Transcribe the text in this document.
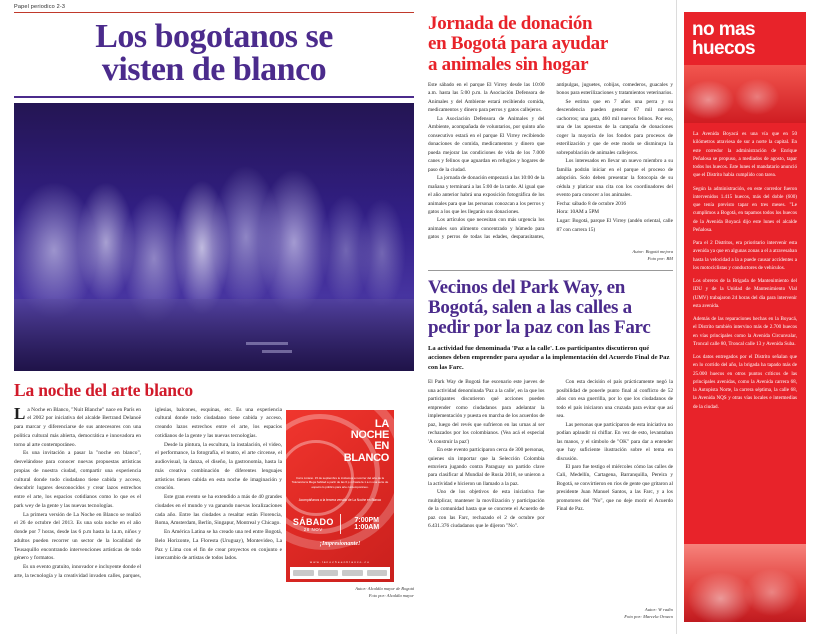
Papel periodico 2-3
Los bogotanos se
visten de blanco
La noche del arte blanco

La Noche en Blanco, "Nuit Blanche" nace en París en el 2002 por iniciativa del alcalde Bertrand Delanoë para marcar y diferenciarse de sus antecesores con una política cultural más abierta, democrática e innovadora en torno al arte contemporáneo.

Es una invitación a pasar la "noche en blanco", desvelándose para conocer nuevas propuestas artísticas propias de nuestra ciudad, compartir una experiencia cultural donde todo ciudadano tiene cabida y acceso, descubrir lugares desconocidos y crear lazos estrechos entre el arte, los espacios cotidianos como lo que es el park wey de la gente y las nuevas tecnologías.

La primera versión de La Noche en Blanco se realizó el 26 de octubre del 2013. Es una sola noche en el año donde por 7 horas, desde las 6 p.m hasta la 1a.m, niños y adultos pueden recorrer un sector de la localidad de Teusaquillo encontrando intervenciones artísticas de todo género y formatos.

Es un evento gratuito, innovador e incluyente donde el arte, la tecnología y la creatividad invaden calles, parques, iglesias, balcones, esquinas, etc. Es una experiencia cultural donde todo ciudadano tiene cabida y acceso, creando lazos estrechos entre el arte, los espacios cotidianos de la gente y las nuevas tecnologías.

Desde la pintura, la escultura, la instalación, el video, el performance, la fotografía, el teatro, el arte circense, el audiovisual, la danza, el diseño, la gastronomía, hasta la más creativa combinación de diferentes lenguajes artísticos tienen cabida en esta noche de imaginación y creación.

Este gran evento se ha extendido a más de 40 grandes ciudades en el mundo y va ganando nuevas localizaciones cada año. Entre las ciudades a resaltar están Florencia, Roma, Amsterdam, Berlín, Singapur, Montreal y Chicago.

En América Latina se ha creado una red entre Bogotá, Belo Horizonte, La Floresta (Uruguay), Montevideo, La Paz y Lima con el fin de crear proyectos en conjunto e intercambio de artistas de todos lados.

LA
NOCHE
EN
BLANCO
Corre Liviano. 15 de septiembre le invitamos a recorrer del arte de la Tolerancia la Mega habitad a partir de las 6 p.m hasta la 1 a.m una serie de espacio lo público para arte contemporáneo.
Acompáñanos a la tercera versión de La Noche en Blanco
SÁBADO
28 NOV
7:00PM
1:00AM
¡Impresionante!
www.lanocheenblanco.co
Autor: Alcaldía mayor de Bogotá
Foto por: Alcaldía mayor
Jornada de donación
en Bogotá para ayudar
a animales sin hogar

Este sábado en el parque El Virrey desde las 10:00 a.m. hasta las 5:00 p.m. la Asociación Defensora de Animales y del Ambiente estará recibiendo comida, medicamentos y dinero para perros y gatos callejeros.

La Asociación Defensora de Animales y del Ambiente, acompañada de voluntarios, por quinto año consecutivo estará en el parque El Virrey recibiendo donaciones de comida, medicamentos y dinero que pueda mejorar las condiciones de vida de los 7.000 canes y felinos que aguardan en refugios y hogares de paso de la ciudad.

La jornada de donación empezará a las 10:00 de la mañana y terminará a las 5:00 de la tarde. Al igual que el año anterior habrá una exposición fotográfica de los animales para que las personas conozcan a los perros y gatos a los que les llegarán sus donaciones.

Los artículos que necesitan con más urgencia los animales son alimento concentrado y húmedo para gatos y perros de todas las edades, desparasitantes, antipulgas, juguetes, cobijas, comederos, guacales y bonos para esterilizaciones y tratamientos veterinarios.

Se estima que en 7 años una perra y su descendencia pueden generar 67 mil nuevos cachorros; una gata, 460 mil nuevos felinos. Por eso, una de las apuestas de la campaña de donaciones coger la mayoría de los fondos para procesos de esterilización y que de este modo se disminuya la sobrepoblación de animales callejeros.

Los interesados en llevar un nuevo miembro a su familia podrán iniciar en el parque el proceso de adopción. Solo deben presentar la fotocopia de su cédula y platicar una cita con los coordinadores del evento para conocer a los animales.

Fecha: sábado 8 de octubre 2016
Hora: 10AM a 5PM
Lugar: Bogotá, parque El Virrey (andén oriental, calle 87 con carrera 15)
Autor: Bogotá mejora
Foto por: BM
Vecinos del Park Way, en
Bogotá, salen a las calles a
pedir por la paz con las Farc
La actividad fue denominada 'Paz a la calle'. Los participantes discutieron qué acciones deben emprender para ayudar a la implementación del Acuerdo Final de Paz con las Farc.

El Park Way de Bogotá fue escenario este jueves de una actividad denominada 'Paz a la calle', en la que los participantes discutieron qué acciones pueden emprender como ciudadanos para adelantar la implementación y puesta en marcha de los acuerdos de paz, luego del revés que sufrieron en las urnas al ser rechazados por los colombianos. (Vea acá el especial 'A construir la paz')

En este evento participaron cerca de 300 personas, quienes sin importar que la Selección Colombia estuviera jugando contra Paraguay un partido clave para clasificar al Mundial de Rusia 2018, se unieron a la actividad e hicieron un llamado a la paz.

Uno de los objetivos de esta iniciativa fue multiplicar, mantener la movilización y participación de la comunidad hasta que se concrete el Acuerdo de paz con las Farc, rechazado el 2 de octubre por 6.431.376 ciudadanos que le dijeron "No".

Con esta decisión el país prácticamente negó la posibilidad de ponerle punto final al conflicto de 52 años con esa guerrilla, por lo que los ciudadanos de todo el país iniciaron una cruzada para evitar que así sea.

Las personas que participaron de esta iniciativa no podían aplaudir ni chiflar. En vez de esto, levantaban las manos, y el símbolo de "OK" para dar a entender que hay suficiente ilustración sobre el tema en discusión.

El paro fue testigo el miércoles cómo las calles de Cali, Medellín, Cartagena, Barranquilla, Pereira y Bogotá, se convirtieron en ríos de gente que gritaron al presidente Juan Manuel Santos, a las Farc, y a los promotores del "No", que no deje morir el Acuerdo Final de Paz.

Autor: W radio
Foto por: Marcela Orozco
no mas
huecos

La Avenida Boyacá es una vía que en 50 kilómetros atraviesa de sur a norte la capital. En este corredor la administración de Enrique Peñalosa se propuso, a mediados de agosto, tapar todos los huecos. Este lunes el mandatario anunció que el Distrito había cumplido con tarea.

Según la administración, en este corredor fueron intervenidos 1.415 huecos, más del doble (600) que tenía previsto tapar en tres meses. "Le cumplimos a Bogotá, en tapamos todos los huecos de la Avenida Boyacá dijo este lunes el alcalde Peñalosa.

Para el 2 Distritos, era prioritario intervenir esta avenida ya que en algunas zonas a el a atravesaban hasta la velocidad a la a puede causar accidentes a los motociclistas y conductores de vehículos.

Los obreros de la Brigada de Mantenimiento del IDU y de la Unidad de Mantenimiento Vial (UMV) trabajaron 24 horas del día para intervenir esta avenida.

Además de las reparaciones hechas en la Boyacá, el Distrito también intervino más de 2.700 huecos en vías principales como la Avenida Circunvalar, Troncal calle 80, Troncal calle 13 y Avenida Suba.

Los datos entregados por el Distrito señalan que en lo corrido del año, la brigada ha tapado más de 25.000 huecos en otros puntos críticos de las principales avenidas, como la Avenida carrera 68, la Autopista Norte, la carrera séptima, la calle 68, la Avenida NQS y otras vías locales e intermedias de la ciudad.
